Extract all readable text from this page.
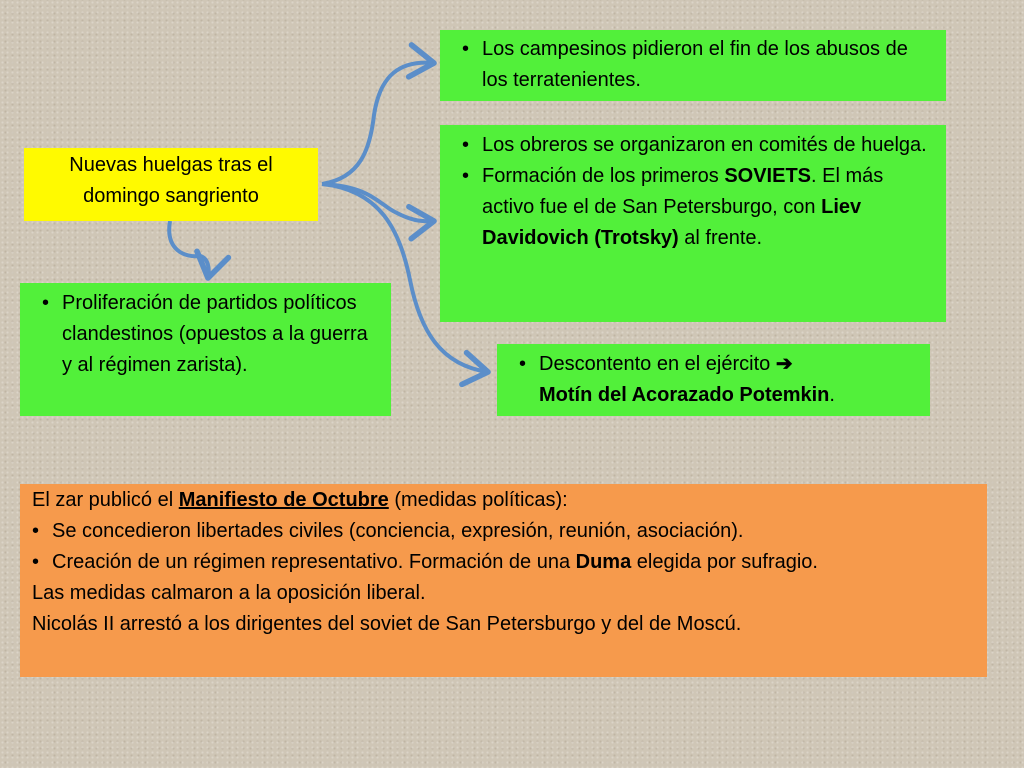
Nuevas huelgas tras el
domingo sangriento
• Los campesinos pidieron el fin de los abusos de los terratenientes.
• Los obreros se organizaron en comités de huelga.
• Formación de los primeros SOVIETS. El más activo fue el de San Petersburgo, con Liev Davidovich (Trotsky) al frente.
• Descontento en el ejército ➔
Motín del Acorazado Potemkin.
• Proliferación de partidos políticos clandestinos (opuestos a la guerra y al régimen zarista).
El zar publicó el Manifiesto de Octubre (medidas políticas):
• Se concedieron libertades civiles (conciencia, expresión, reunión, asociación).
• Creación de un régimen representativo. Formación de una Duma elegida por sufragio.
Las medidas calmaron a la oposición liberal.
Nicolás II arrestó a los dirigentes del soviet de San Petersburgo y del de Moscú.
